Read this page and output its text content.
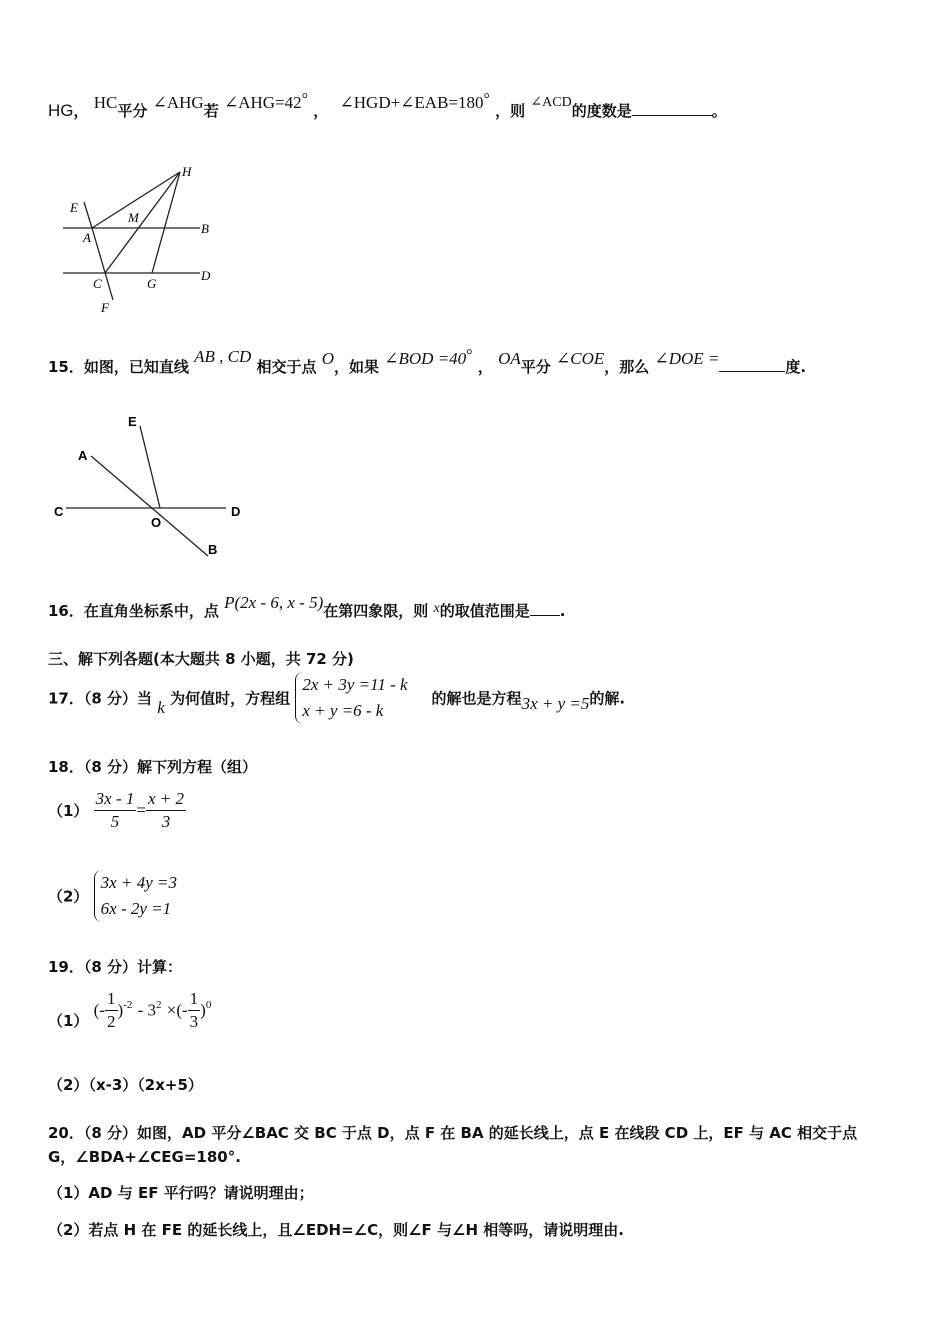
HG， HC平分 ∠AHG若 ∠AHG=42° ， ∠HGD+∠EAB=180° ，则 ∠ACD的度数是	。
H
E
M
A
B
C	G
D
F
15．如图，已知直线 AB , CD 相交于点 O，如果 ∠BOD =40° ， OA平分 ∠COE，那么 ∠DOE =	度.
E
A
C
O
D
B
16．在直角坐标系中，点 P(2x - 6, x - 5)在第四象限，则 x的取值范围是 .
三、解下列各题(本大题共 8 小题，共 72 分)
17．（8 分）当 k 为何值时，方程组
2x + 3y =11 - k
x + y =6 - k
的解也是方程3x + y =5的解.
18．（8 分）解下列方程（组）
$(1) \frac{3x - 1}{5} = \frac{x + 2}{3}$
（2）
3x + 4y =3
6x - 2y =1
19．（8 分）计算：
（1） (- $\frac{1}{2} )^{-2} - 3^2$ ×(- $\frac{1}{3} )^0$
（2）（x-3）（2x+5）
20．（8 分）如图，AD 平分∠BAC 交 BC 于点 D，点 F 在 BA 的延长线上，点 E 在线段 CD 上，EF 与 AC 相交于点
G，∠BDA+∠CEG=180°.
（1）AD 与 EF 平行吗？请说明理由；
（2）若点 H 在 FE 的延长线上，且∠EDH=∠C，则∠F 与∠H 相等吗，请说明理由.
